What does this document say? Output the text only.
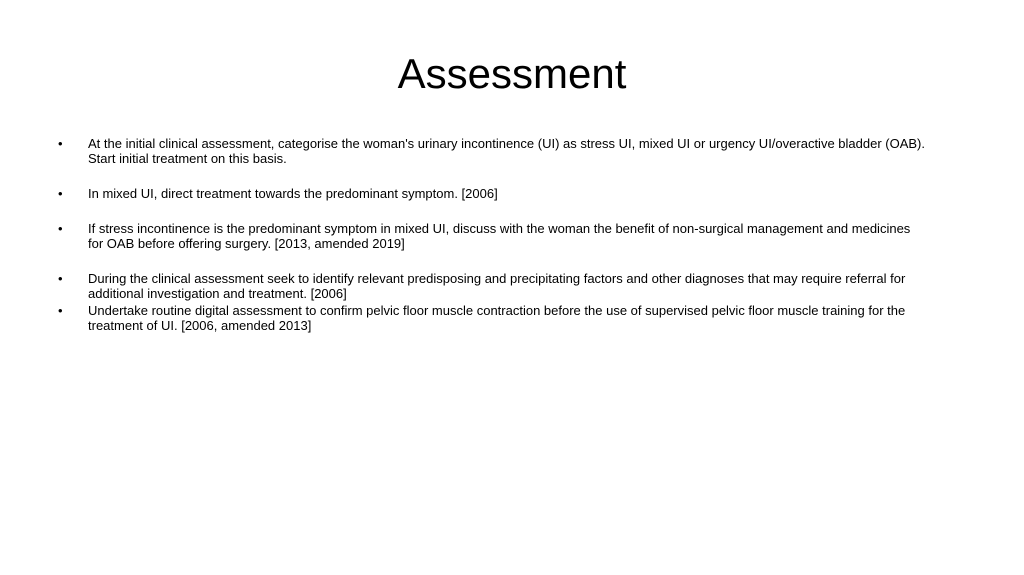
Assessment
• At the initial clinical assessment, categorise the woman's urinary incontinence (UI) as stress UI, mixed UI or urgency UI/overactive bladder (OAB).
Start initial treatment on this basis.
• In mixed UI, direct treatment towards the predominant symptom. [2006]
• If stress incontinence is the predominant symptom in mixed UI, discuss with the woman the benefit of non-surgical management and medicines
for OAB before offering surgery. [2013, amended 2019]
• During the clinical assessment seek to identify relevant predisposing and precipitating factors and other diagnoses that may require referral for
additional investigation and treatment. [2006]
• Undertake routine digital assessment to confirm pelvic floor muscle contraction before the use of supervised pelvic floor muscle training for the
treatment of UI. [2006, amended 2013]
